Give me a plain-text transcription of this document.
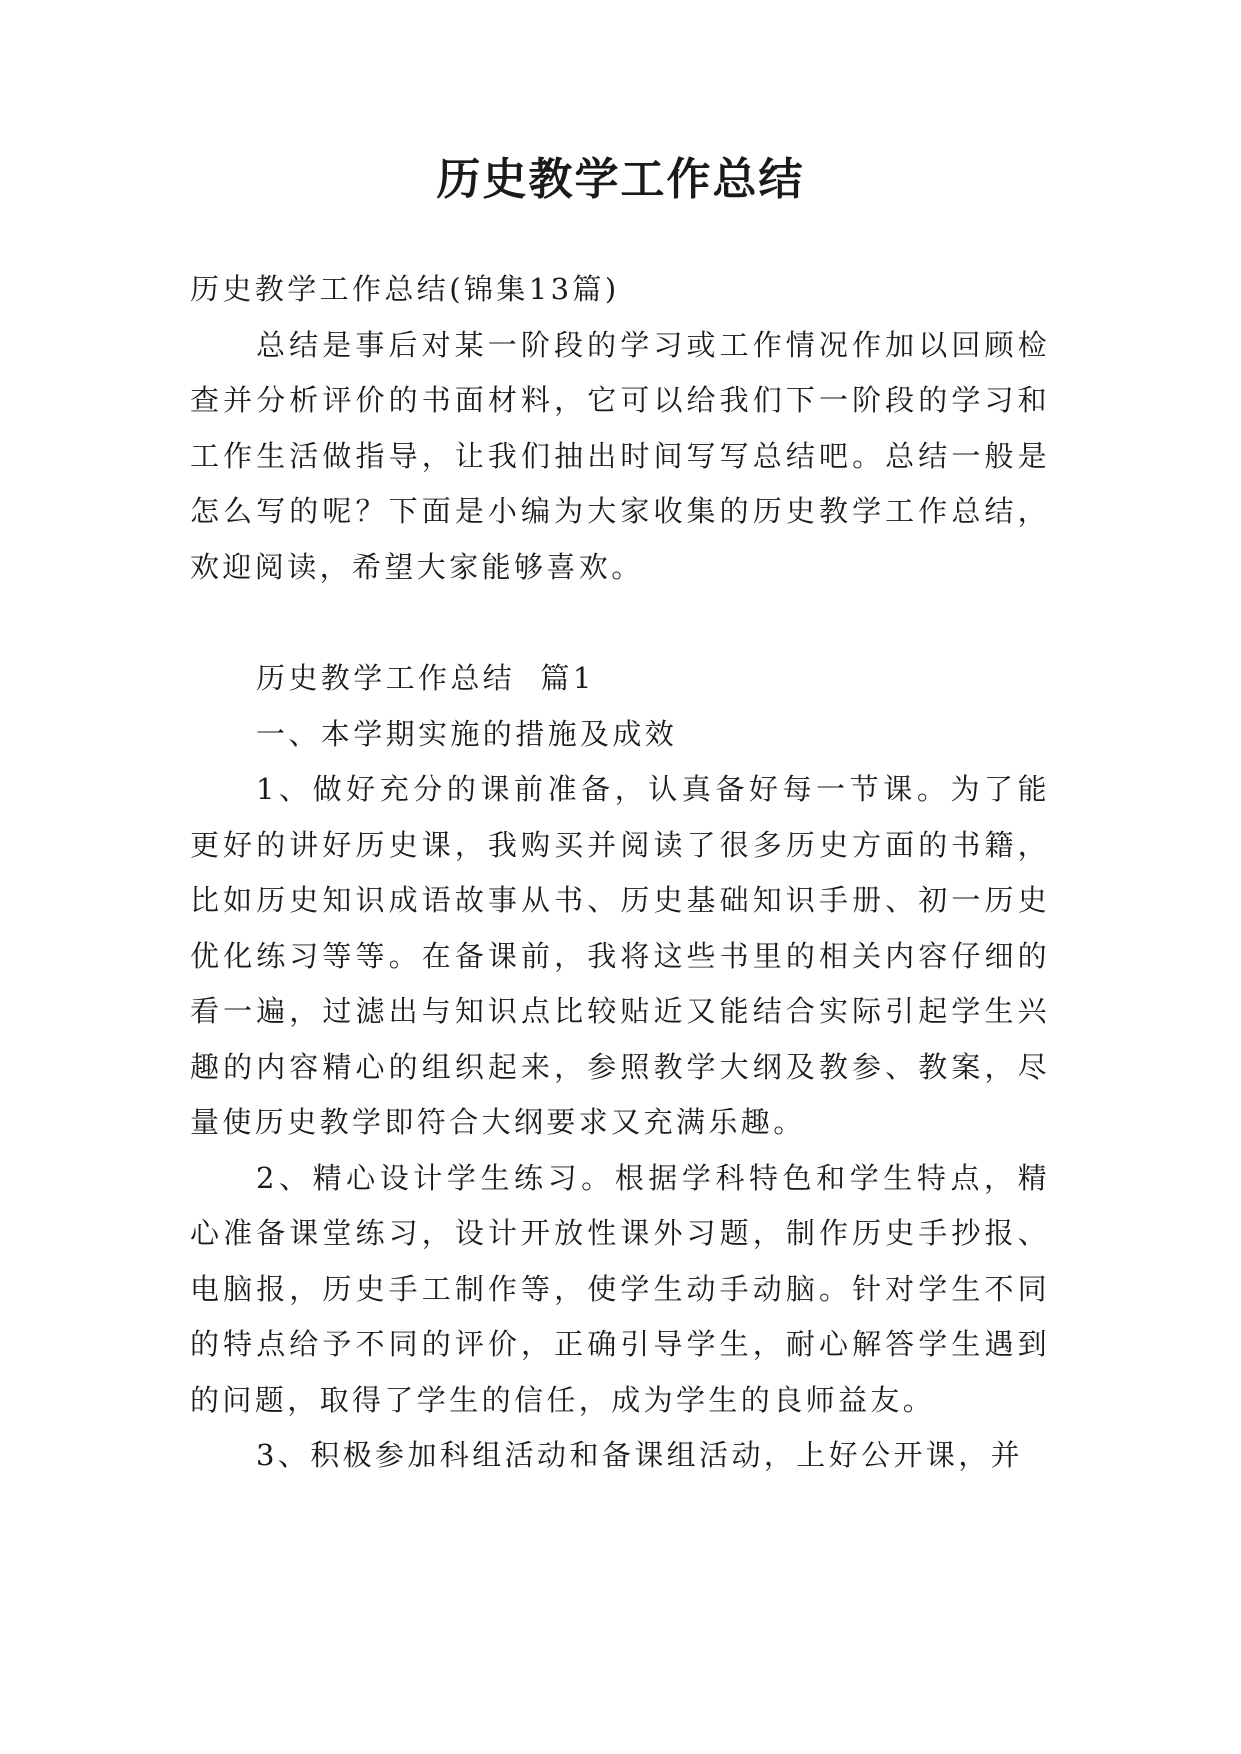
历史教学工作总结

历史教学工作总结(锦集13篇)

总结是事后对某一阶段的学习或工作情况作加以回顾检查并分析评价的书面材料，它可以给我们下一阶段的学习和工作生活做指导，让我们抽出时间写写总结吧。总结一般是怎么写的呢？下面是小编为大家收集的历史教学工作总结，欢迎阅读，希望大家能够喜欢。

历史教学工作总结  篇1

一、本学期实施的措施及成效

1、做好充分的课前准备，认真备好每一节课。为了能更好的讲好历史课，我购买并阅读了很多历史方面的书籍，比如历史知识成语故事从书、历史基础知识手册、初一历史优化练习等等。在备课前，我将这些书里的相关内容仔细的看一遍，过滤出与知识点比较贴近又能结合实际引起学生兴趣的内容精心的组织起来，参照教学大纲及教参、教案，尽量使历史教学即符合大纲要求又充满乐趣。

2、精心设计学生练习。根据学科特色和学生特点，精心准备课堂练习，设计开放性课外习题，制作历史手抄报、电脑报，历史手工制作等，使学生动手动脑。针对学生不同的特点给予不同的评价，正确引导学生，耐心解答学生遇到的问题，取得了学生的信任，成为学生的良师益友。

3、积极参加科组活动和备课组活动，上好公开课，并
